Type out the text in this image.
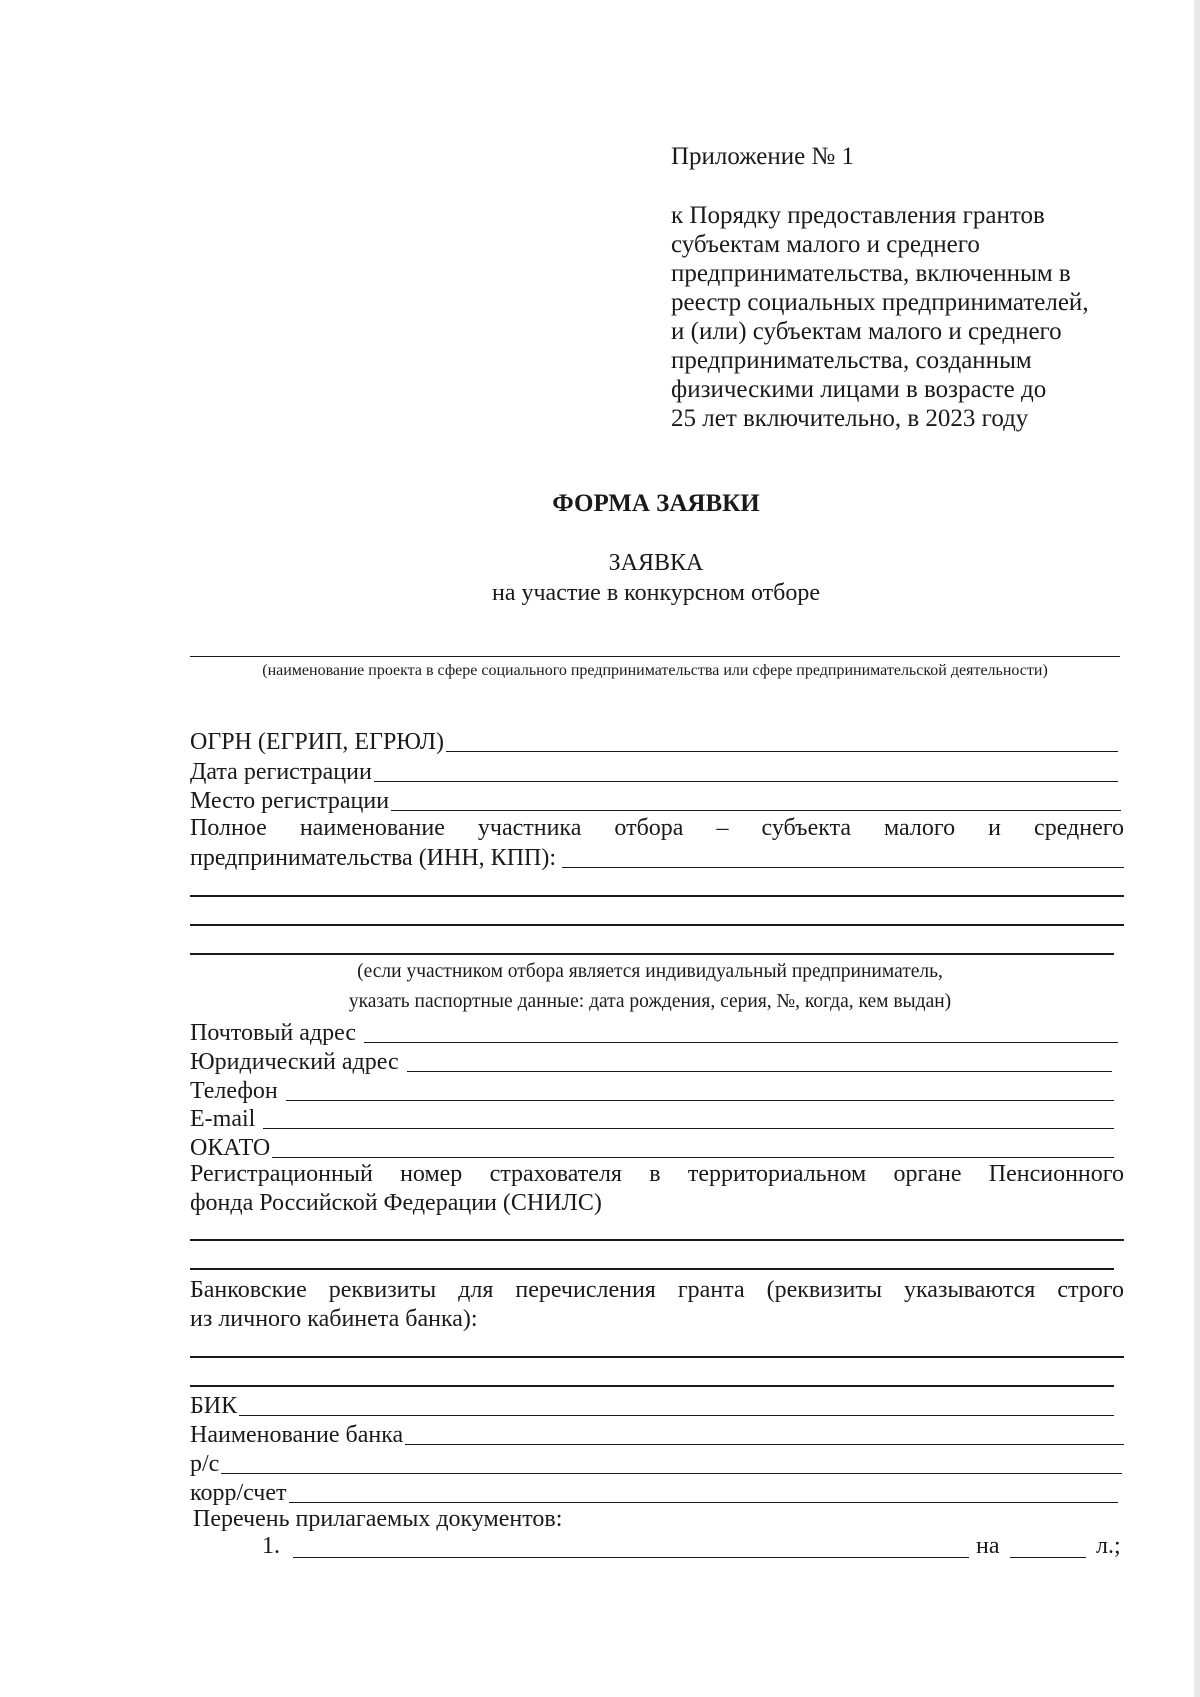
Приложение № 1
к Порядку предоставления грантов
субъектам малого и среднего
предпринимательства, включенным в
реестр социальных предпринимателей,
и (или) субъектам малого и среднего
предпринимательства, созданным
физическими лицами в возрасте до
25 лет включительно, в 2023 году
ФОРМА ЗАЯВКИ
ЗАЯВКА
на участие в конкурсном отборе
(наименование проекта в сфере социального предпринимательства или сфере предпринимательской деятельности)
ОГРН (ЕГРИП, ЕГРЮЛ)
Дата регистрации
Место регистрации
Полное наименование участника отбора – субъекта малого и среднего
предпринимательства (ИНН, КПП):
(если участником отбора является индивидуальный предприниматель,
указать паспортные данные: дата рождения, серия, №, когда, кем выдан)
Почтовый адрес
Юридический адрес
Телефон
E-mail
ОКАТО
Регистрационный номер страхователя в территориальном органе Пенсионного
фонда Российской Федерации (СНИЛС)
Банковские реквизиты для перечисления гранта (реквизиты указываются строго
из личного кабинета банка):
БИК
Наименование банка
р/с
корр/счет
Перечень прилагаемых документов:
1.	на	л.;
